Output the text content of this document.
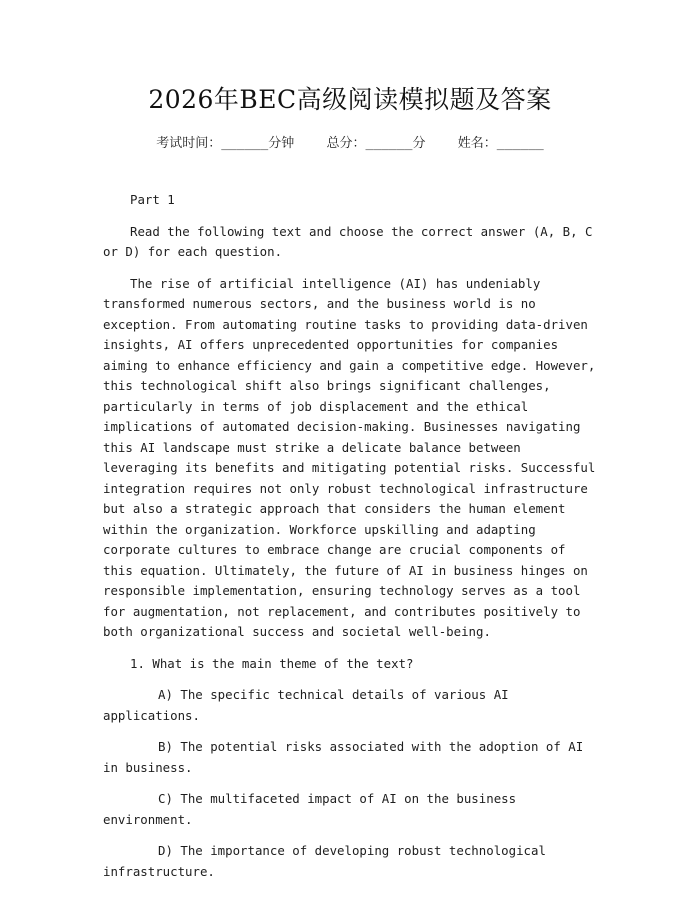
2026年BEC高级阅读模拟题及答案
考试时间：______分钟 总分：______分 姓名：______

Part 1

Read the following text and choose the correct answer (A, B, C or D) for each question.

The rise of artificial intelligence (AI) has undeniably transformed numerous sectors, and the business world is no exception. From automating routine tasks to providing data-driven insights, AI offers unprecedented opportunities for companies aiming to enhance efficiency and gain a competitive edge. However, this technological shift also brings significant challenges, particularly in terms of job displacement and the ethical implications of automated decision-making. Businesses navigating this AI landscape must strike a delicate balance between leveraging its benefits and mitigating potential risks. Successful integration requires not only robust technological infrastructure but also a strategic approach that considers the human element within the organization. Workforce upskilling and adapting corporate cultures to embrace change are crucial components of this equation. Ultimately, the future of AI in business hinges on responsible implementation, ensuring technology serves as a tool for augmentation, not replacement, and contributes positively to both organizational success and societal well-being.

1. What is the main theme of the text?

A) The specific technical details of various AI applications.

B) The potential risks associated with the adoption of AI in business.

C) The multifaceted impact of AI on the business environment.

D) The importance of developing robust technological infrastructure.
